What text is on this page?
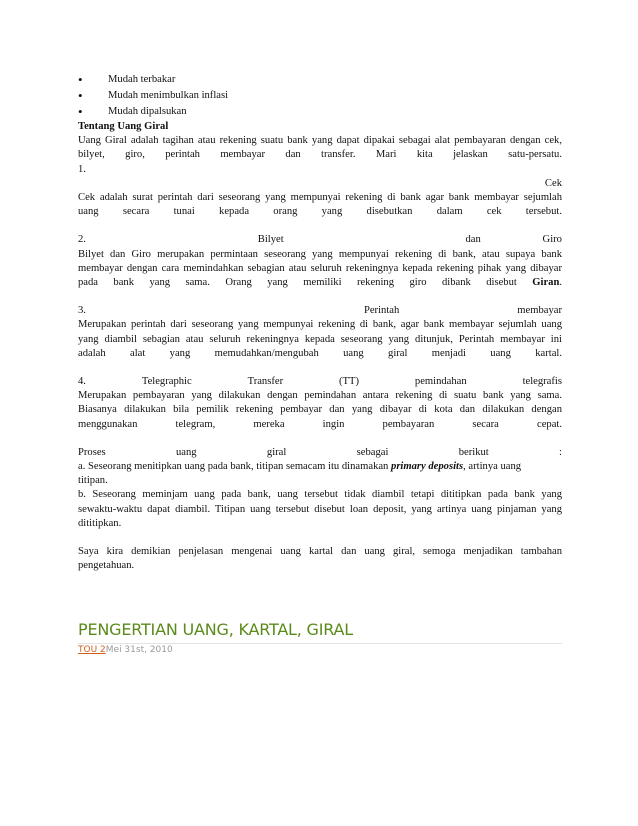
• Mudah terbakar
• Mudah menimbulkan inflasi
• Mudah dipalsukan

Tentang Uang Giral

Uang Giral adalah tagihan atau rekening suatu bank yang dapat dipakai sebagai alat pembayaran dengan cek,

bilyet, giro, perintah membayar dan transfer. Mari kita jelaskan satu-persatu.

1.

Cek

Cek adalah surat perintah dari seseorang yang mempunyai rekening di bank agar bank membayar sejumlah

uang secara tunai kepada orang yang disebutkan dalam cek tersebut.

2.	Bilyet	dan	Giro

Bilyet dan Giro merupakan permintaan seseorang yang mempunyai rekening di bank, atau supaya bank

membayar dengan cara memindahkan sebagian atau seluruh rekeningnya kepada rekening pihak yang dibayar

pada bank yang sama. Orang yang memiliki rekening giro dibank disebut Giran.

3.	Perintah	membayar

Merupakan perintah dari seseorang yang mempunyai rekening di bank, agar bank membayar sejumlah uang

yang diambil sebagian atau seluruh rekeningnya kepada seseorang yang ditunjuk, Perintah membayar ini

adalah alat yang memudahkan/mengubah uang giral menjadi uang kartal.

4.	Telegraphic	Transfer	(TT)	pemindahan	telegrafis

Merupakan pembayaran yang dilakukan dengan pemindahan antara rekening di suatu bank yang sama.

Biasanya dilakukan bila pemilik rekening pembayar dan yang dibayar di kota dan dilakukan dengan

menggunakan telegram, mereka ingin pembayaran secara cepat.

Proses	uang	giral	sebagai	berikut	:

a. Seseorang menitipkan uang pada bank, titipan semacam itu dinamakan primary deposits, artinya uang

titipan.

b. Seseorang meminjam uang pada bank, uang tersebut tidak diambil tetapi dititipkan pada bank yang

sewaktu-waktu dapat diambil. Titipan uang tersebut disebut loan deposit, yang artinya uang pinjaman yang

dititipkan.

Saya kira demikian penjelasan mengenai uang kartal dan uang giral, semoga menjadikan tambahan

pengetahuan.

PENGERTIAN UANG, KARTAL, GIRAL
TOU 2Mei 31st, 2010
